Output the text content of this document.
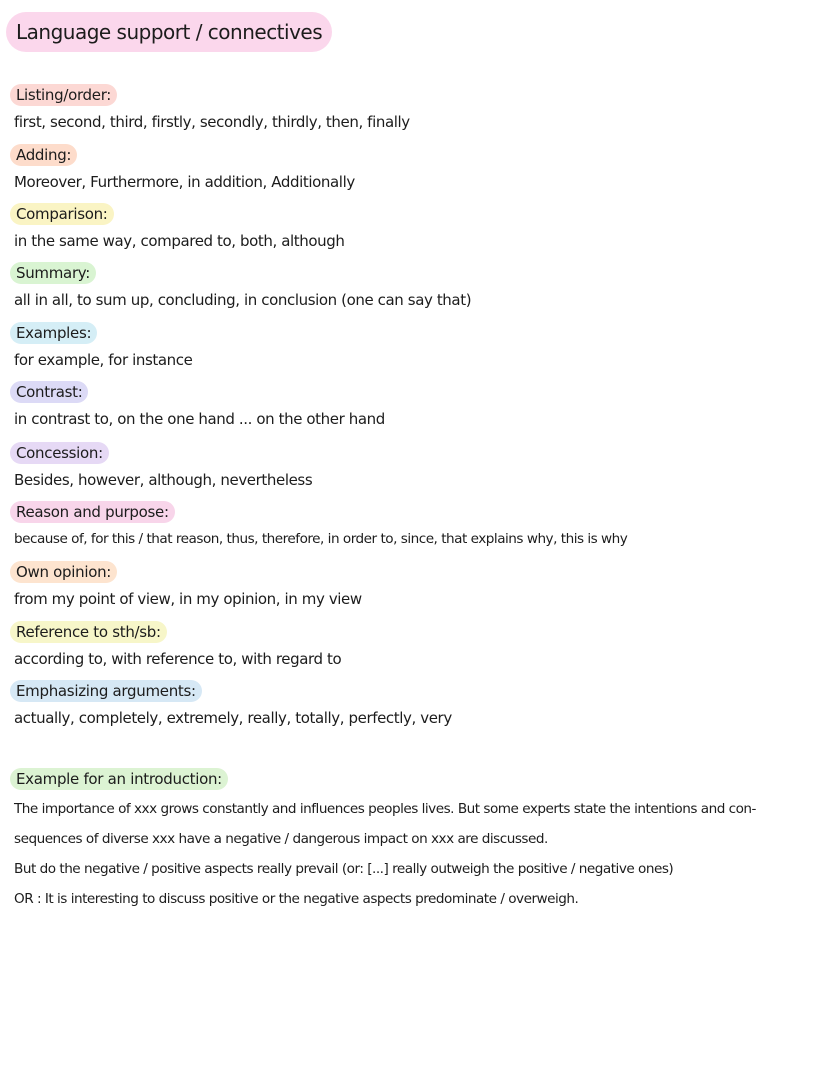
Language support / connectives
Listing/order:
first, second, third, firstly, secondly, thirdly, then, finally
Adding:
Moreover, Furthermore, in addition, Additionally
Comparison:
in the same way, compared to, both, although
Summary:
all in all, to sum up, concluding, in conclusion (one can say that)
Examples:
for example, for instance
Contrast:
in contrast to, on the one hand ... on the other hand
Concession:
Besides, however, although, nevertheless
Reason and purpose:
because of, for this / that reason, thus, therefore, in order to, since, that explains why, this is why
Own opinion:
from my point of view, in my opinion, in my view
Reference to sth/sb:
according to, with reference to, with regard to
Emphasizing arguments:
actually, completely, extremely, really, totally, perfectly, very
Example for an introduction:
The importance of xxx grows constantly and influences peoples lives. But some experts state the intentions and con-
sequences of diverse xxx have a negative / dangerous impact on xxx are discussed.
But do the negative / positive aspects really prevail (or: [...] really outweigh the positive / negative ones)
OR : It is interesting to discuss positive or the negative aspects predominate / overweigh.
